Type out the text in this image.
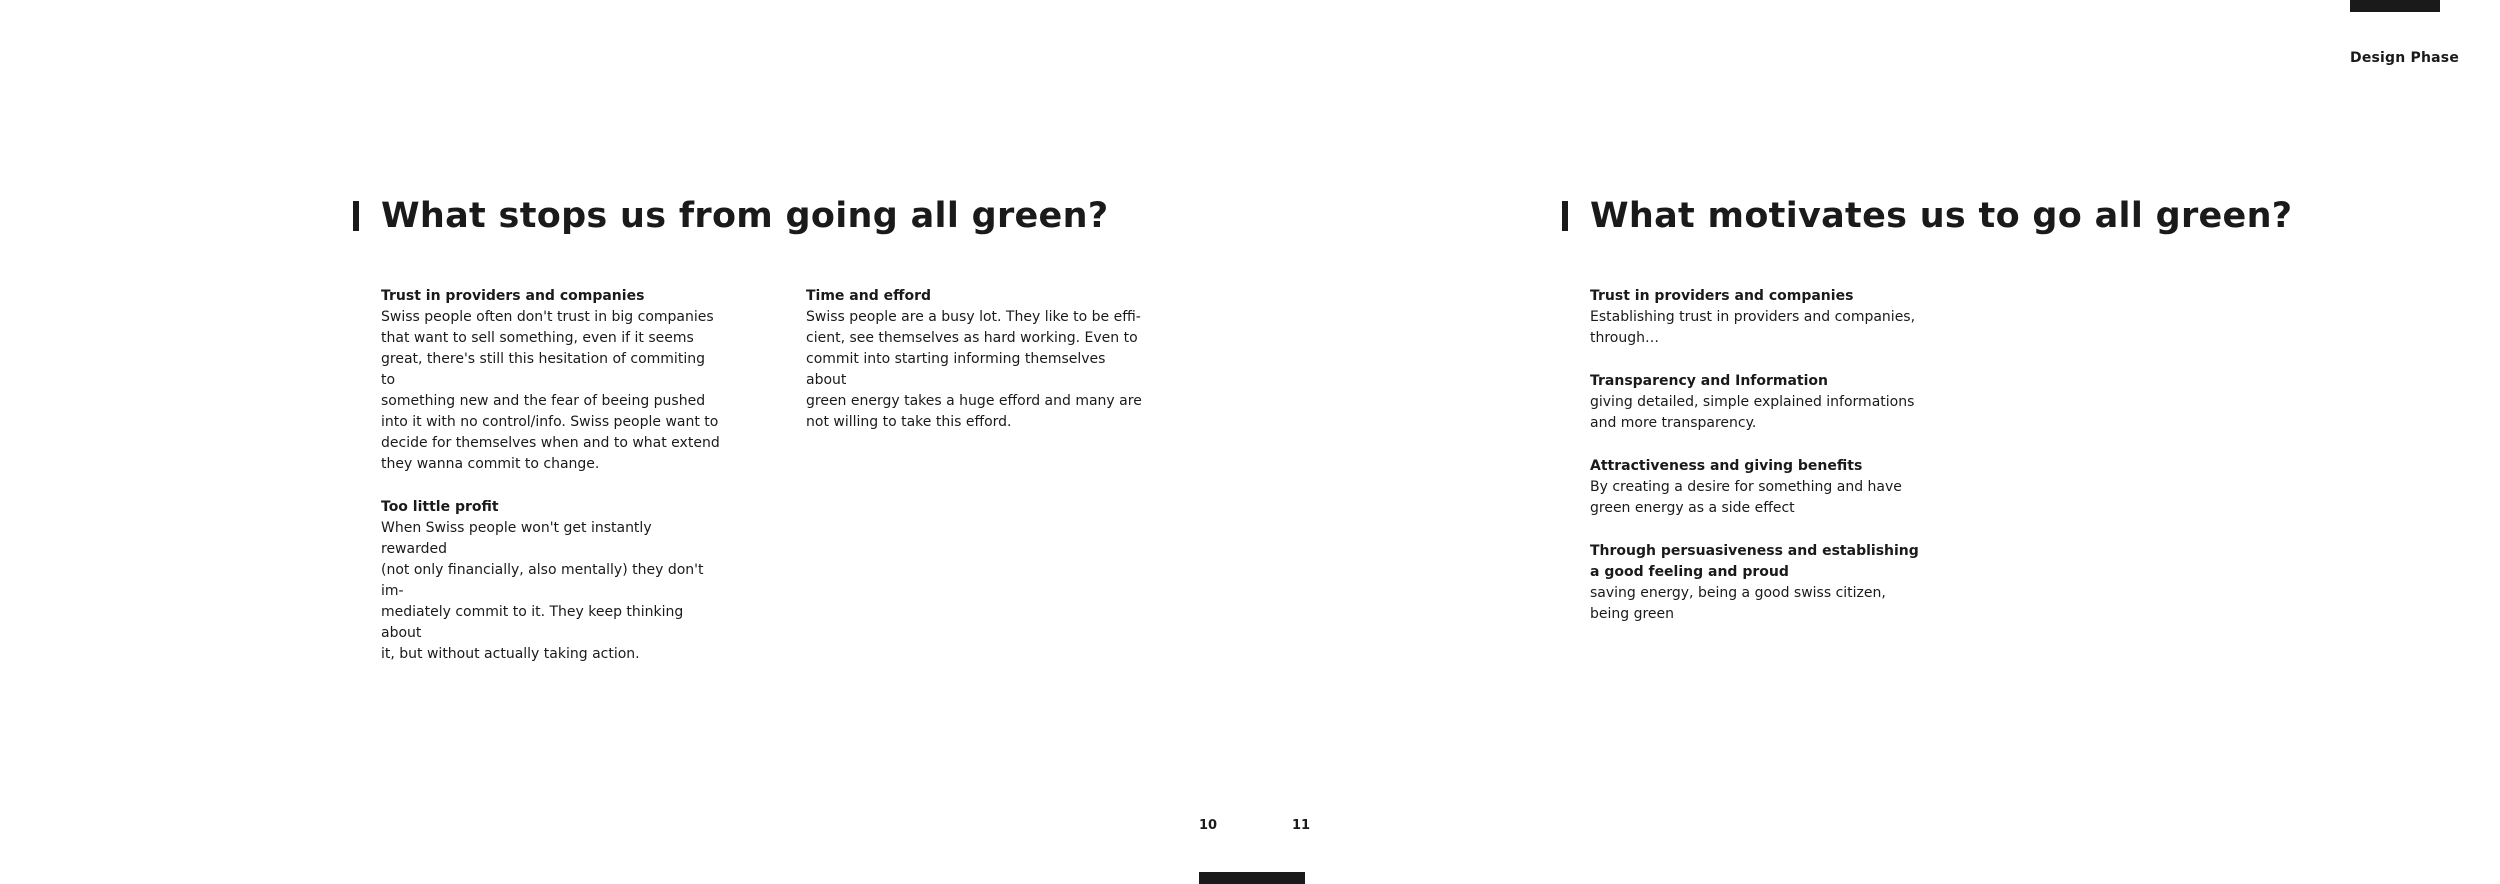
Design Phase
What stops us from going all green?

Trust in providers and companies

Swiss people often don't trust in big companies
that want to sell something, even if it seems
great, there's still this hesitation of commiting to
something new and the fear of beeing pushed
into it with no control/info. Swiss people want to
decide for themselves when and to what extend
they wanna commit to change.

Too little profit

When Swiss people won't get instantly rewarded
(not only financially, also mentally) they don't im-
mediately commit to it. They keep thinking about
it, but without actually taking action.

Time and efford

Swiss people are a busy lot. They like to be effi-
cient, see themselves as hard working. Even to
commit into starting informing themselves about
green energy takes a huge efford and many are
not willing to take this efford.

What motivates us to go all green?

Trust in providers and companies

Establishing trust in providers and companies,
through…

Transparency and Information

giving detailed, simple explained informations
and more transparency.

Attractiveness and giving benefits

By creating a desire for something and have
green energy as a side effect

Through persuasiveness and establishing
a good feeling and proud

saving energy, being a good swiss citizen,
being green

10	11
